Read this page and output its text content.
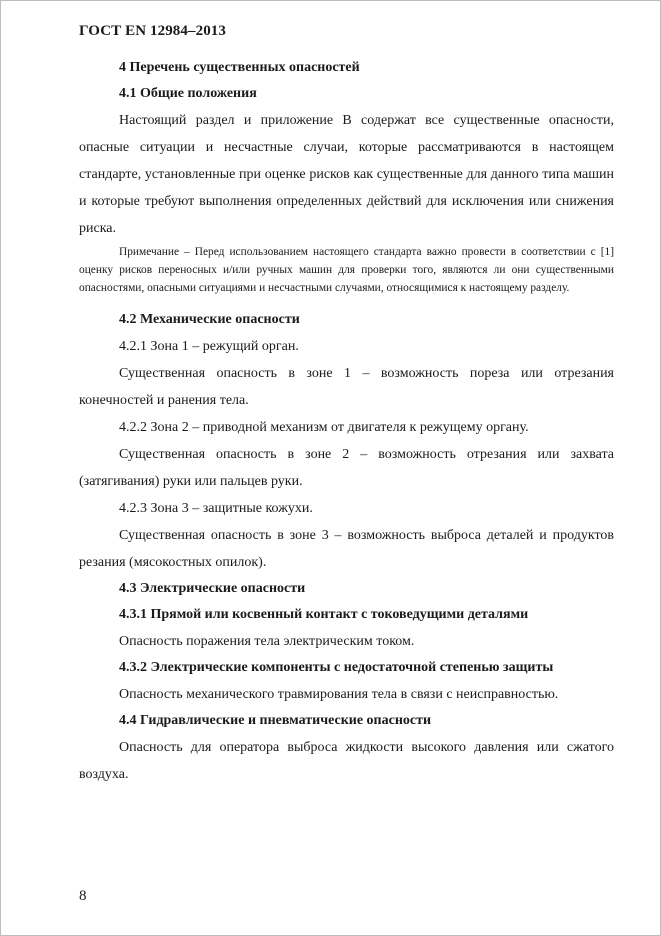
ГОСТ EN 12984–2013
4 Перечень существенных опасностей
4.1 Общие положения

Настоящий раздел и приложение В содержат все существенные опасности, опасные ситуации и несчастные случаи, которые рассматриваются в настоящем стандарте, установленные при оценке рисков как существенные для данного типа машин и которые требуют выполнения определенных действий для исключения или снижения риска.

Примечание – Перед использованием настоящего стандарта важно провести в соответствии с [1] оценку рисков переносных и/или ручных машин для проверки того, являются ли они существенными опасностями, опасными ситуациями и несчастными случаями, относящимися к настоящему разделу.

4.2 Механические опасности

4.2.1 Зона 1 – режущий орган.

Существенная опасность в зоне 1 – возможность пореза или отрезания конечностей и ранения тела.

4.2.2 Зона 2 – приводной механизм от двигателя к режущему органу.

Существенная опасность в зоне 2 – возможность отрезания или захвата (затягивания) руки или пальцев руки.

4.2.3 Зона 3 – защитные кожухи.

Существенная опасность в зоне 3 – возможность выброса деталей и продуктов резания (мясокостных опилок).

4.3 Электрические опасности
4.3.1 Прямой или косвенный контакт с токоведущими деталями

Опасность поражения тела электрическим током.

4.3.2 Электрические компоненты с недостаточной степенью защиты

Опасность механического травмирования тела в связи с неисправностью.

4.4 Гидравлические и пневматические опасности

Опасность для оператора выброса жидкости высокого давления или сжатого воздуха.

8
